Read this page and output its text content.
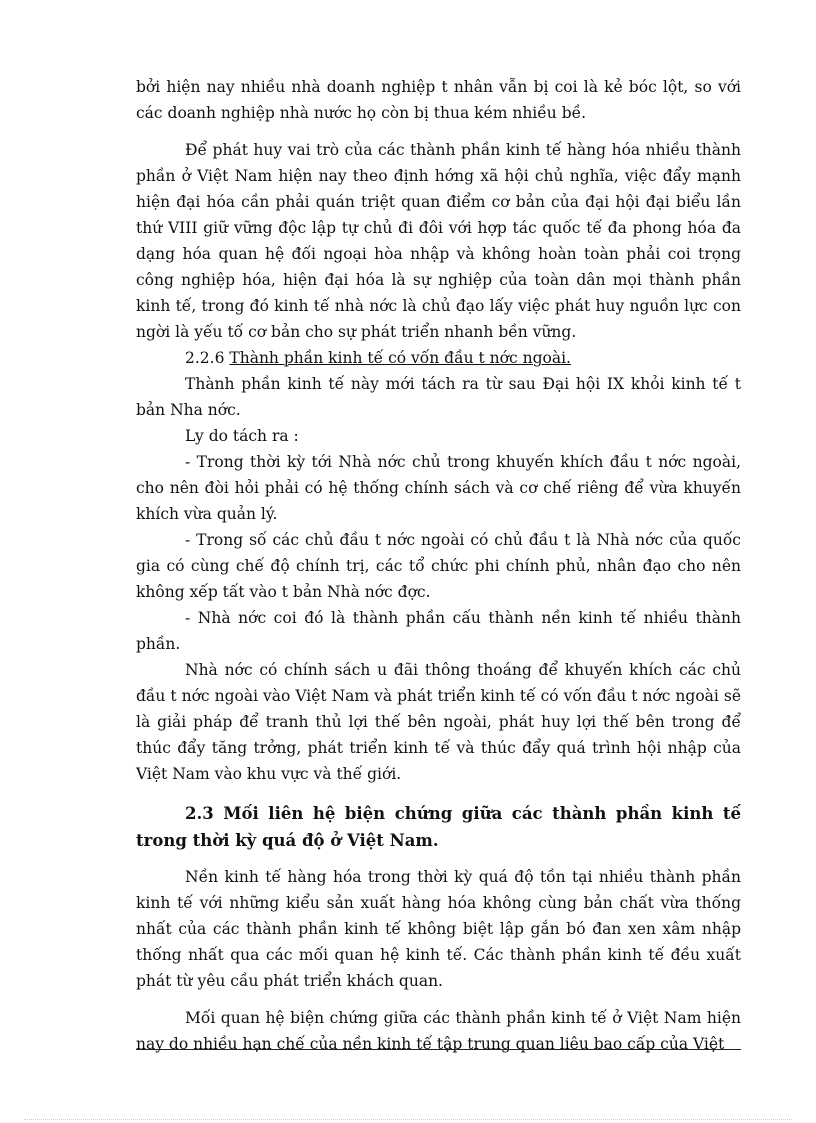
bởi hiện nay nhiều nhà doanh nghiệp t nhân vẫn bị coi là kẻ bóc lột, so với các doanh nghiệp nhà nước họ còn bị thua kém nhiều bề.

Để phát huy vai trò của các thành phần kinh tế hàng hóa nhiều thành phần ở Việt Nam hiện nay theo định hớng xã hội chủ nghĩa, việc đẩy mạnh hiện đại hóa cần phải quán triệt quan điểm cơ bản của đại hội đại biểu lần thứ VIII giữ vững độc lập tự chủ đi đôi với hợp tác quốc tế đa phong hóa đa dạng hóa quan hệ đối ngoại hòa nhập và không hoàn toàn phải coi trọng công nghiệp hóa, hiện đại hóa là sự nghiệp của toàn dân mọi thành phần kinh tế, trong đó kinh tế nhà nớc là chủ đạo lấy việc phát huy nguồn lực con ngời là yếu tố cơ bản cho sự phát triển nhanh bền vững.

2.2.6 Thành phần kinh tế có vốn đầu t nớc ngoài.

Thành phần kinh tế này mới tách ra từ sau Đại hội IX khỏi kinh tế t bản Nha nớc.

Ly do tách ra :

- Trong thời kỳ tới Nhà nớc chủ trong khuyến khích đầu t nớc ngoài, cho nên đòi hỏi phải có hệ thống chính sách và cơ chế riêng để vừa khuyến khích vừa quản lý.

- Trong số các chủ đầu t nớc ngoài có chủ đầu t là Nhà nớc của quốc gia có cùng chế độ chính trị, các tổ chức phi chính phủ, nhân đạo cho nên không xếp tất vào t bản Nhà nớc đợc.

- Nhà nớc coi đó là thành phần cấu thành nền kinh tế nhiều thành phần.

Nhà nớc có chính sách u đãi thông thoáng để khuyến khích các chủ đầu t nớc ngoài vào Việt Nam và phát triển kinh tế có vốn đầu t nớc ngoài sẽ là giải pháp để tranh thủ lợi thế bên ngoài, phát huy lợi thế bên trong để thúc đẩy tăng trởng, phát triển kinh tế và thúc đẩy quá trình hội nhập của Việt Nam vào khu vực và thế giới.

2.3 Mối liên hệ biện chứng giữa các thành phần kinh tế trong thời kỳ quá độ ở Việt Nam.

Nền kinh tế hàng hóa trong thời kỳ quá độ tồn tại nhiều thành phần kinh tế với những kiểu sản xuất hàng hóa không cùng bản chất vừa thống nhất của các thành phần kinh tế không biệt lập gắn bó đan xen xâm nhập thống nhất qua các mối quan hệ kinh tế. Các thành phần kinh tế đều xuất phát từ yêu cầu phát triển khách quan.

Mối quan hệ biện chứng giữa các thành phần kinh tế ở Việt Nam hiện nay do nhiều hạn chế của nền kinh tế tập trung quan liêu bao cấp của Việt
